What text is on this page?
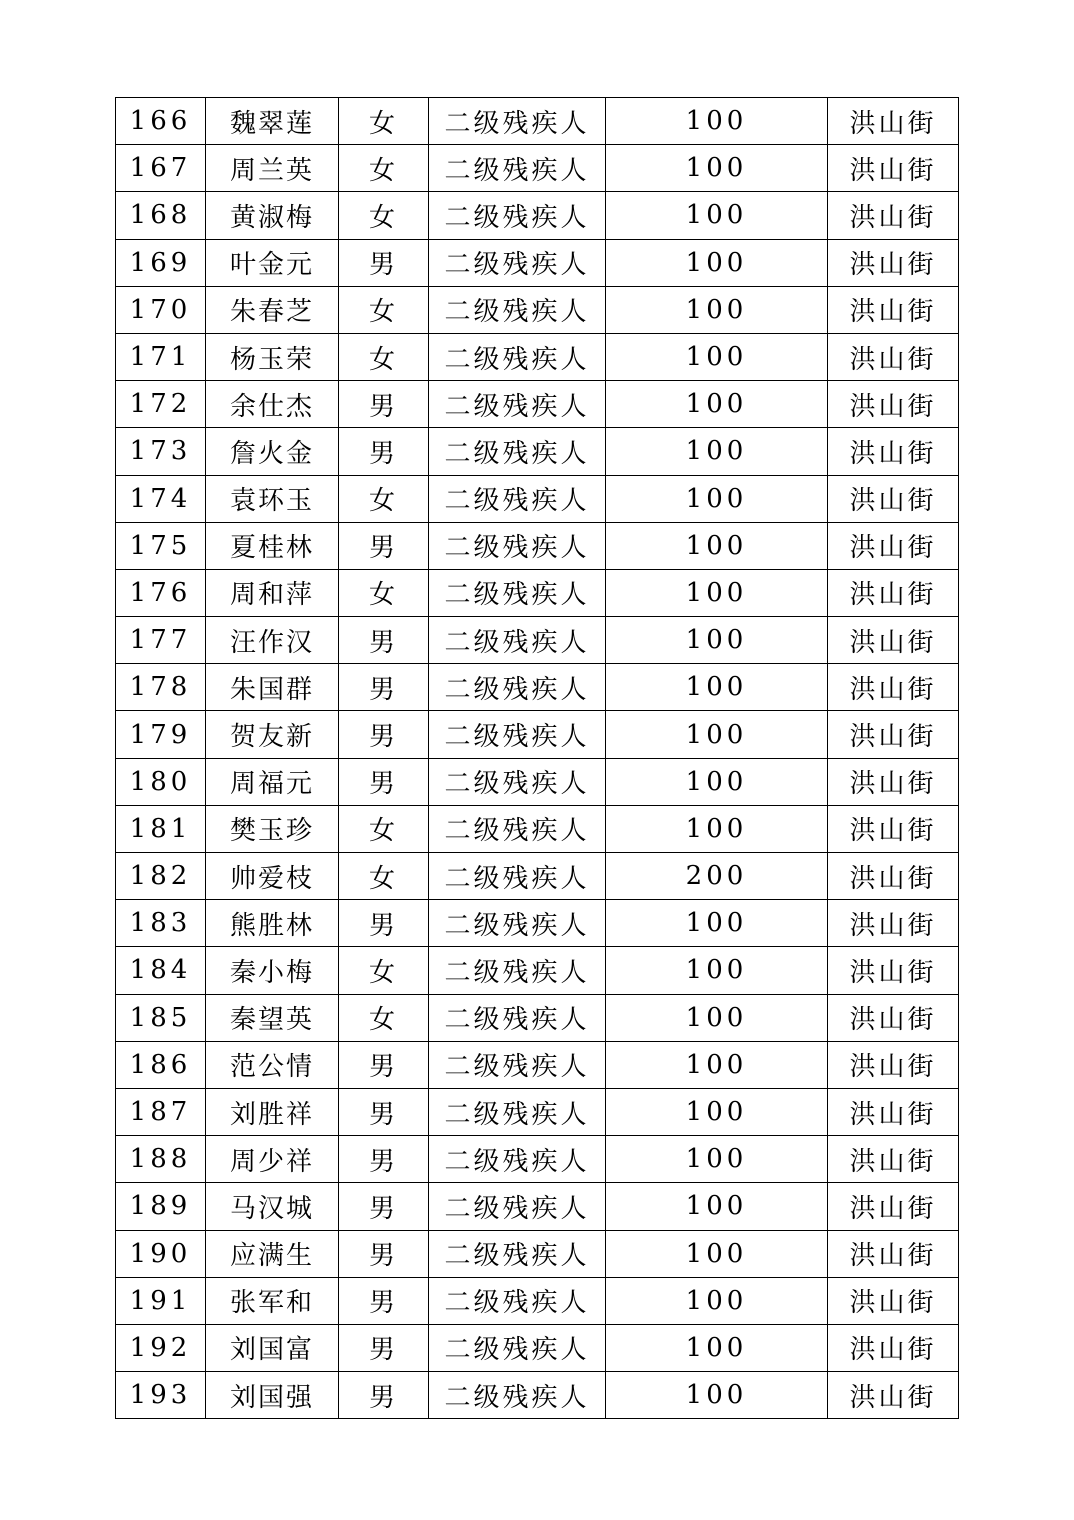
166	魏翠莲	女	二级残疾人	100	洪山街
167	周兰英	女	二级残疾人	100	洪山街
168	黄淑梅	女	二级残疾人	100	洪山街
169	叶金元	男	二级残疾人	100	洪山街
170	朱春芝	女	二级残疾人	100	洪山街
171	杨玉荣	女	二级残疾人	100	洪山街
172	余仕杰	男	二级残疾人	100	洪山街
173	詹火金	男	二级残疾人	100	洪山街
174	袁环玉	女	二级残疾人	100	洪山街
175	夏桂林	男	二级残疾人	100	洪山街
176	周和萍	女	二级残疾人	100	洪山街
177	汪作汉	男	二级残疾人	100	洪山街
178	朱国群	男	二级残疾人	100	洪山街
179	贺友新	男	二级残疾人	100	洪山街
180	周福元	男	二级残疾人	100	洪山街
181	樊玉珍	女	二级残疾人	100	洪山街
182	帅爱枝	女	二级残疾人	200	洪山街
183	熊胜林	男	二级残疾人	100	洪山街
184	秦小梅	女	二级残疾人	100	洪山街
185	秦望英	女	二级残疾人	100	洪山街
186	范公情	男	二级残疾人	100	洪山街
187	刘胜祥	男	二级残疾人	100	洪山街
188	周少祥	男	二级残疾人	100	洪山街
189	马汉城	男	二级残疾人	100	洪山街
190	应满生	男	二级残疾人	100	洪山街
191	张军和	男	二级残疾人	100	洪山街
192	刘国富	男	二级残疾人	100	洪山街
193	刘国强	男	二级残疾人	100	洪山街
